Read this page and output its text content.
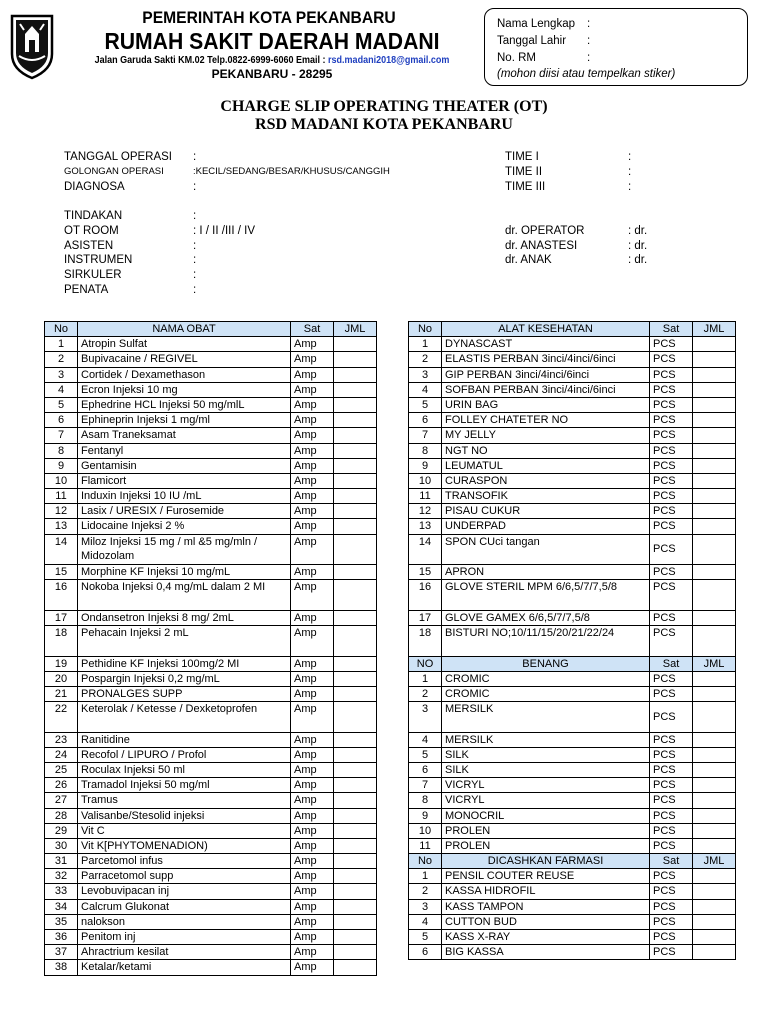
PEMERINTAH KOTA PEKANBARU
RUMAH SAKIT DAERAH MADANI
Jalan Garuda Sakti KM.02 Telp.0822-6999-6060 Email : rsd.madani2018@gmail.com
PEKANBARU - 28295
Nama Lengkap :
Tanggal Lahir :
No. RM	:
(mohon diisi atau tempelkan stiker)
CHARGE SLIP OPERATING THEATER (OT)
RSD MADANI KOTA PEKANBARU
TANGGAL OPERASI :
GOLONGAN OPERASI	:KECIL/SEDANG/BESAR/KHUSUS/CANGGIH
DIAGNOSA	:
TINDAKAN	:
OT ROOM	: I / II /III / IV
ASISTEN	:
INSTRUMEN	:
SIRKULER	:
PENATA	:
TIME I	:
TIME II	:
TIME III	:
dr. OPERATOR	: dr.
dr. ANASTESI	: dr.
dr. ANAK	: dr.
No	NAMA OBAT	Sat	JML
1	Atropin Sulfat	Amp	
2	Bupivacaine / REGIVEL	Amp	
3	Cortidek / Dexamethason	Amp	
4	Ecron Injeksi 10 mg	Amp	
5	Ephedrine HCL Injeksi 50 mg/mlL	Amp	
6	Ephineprin Injeksi 1 mg/ml	Amp	
7	Asam Traneksamat	Amp	
8	Fentanyl	Amp	
9	Gentamisin	Amp	
10	Flamicort	Amp	
11	Induxin Injeksi 10 IU /mL	Amp	
12	Lasix / URESIX / Furosemide	Amp	
13	Lidocaine Injeksi 2 %	Amp	
14	Miloz Injeksi 15 mg / ml &5 mg/mln / Midozolam	Amp	
15	Morphine KF Injeksi 10 mg/mL	Amp	
16	Nokoba Injeksi 0,4 mg/mL dalam 2 MI	Amp	
17	Ondansetron Injeksi 8 mg/ 2mL	Amp	
18	Pehacain Injeksi 2 mL	Amp	
19	Pethidine KF Injeksi 100mg/2 MI	Amp	
20	Pospargin Injeksi 0,2 mg/mL	Amp	
21	PRONALGES SUPP	Amp	
22	Keterolak / Ketesse / Dexketoprofen	Amp	
23	Ranitidine	Amp	
24	Recofol / LIPURO / Profol	Amp	
25	Roculax Injeksi 50 ml	Amp	
26	Tramadol Injeksi 50 mg/ml	Amp	
27	Tramus	Amp	
28	Valisanbe/Stesolid injeksi	Amp	
29	Vit C	Amp	
30	Vit K[PHYTOMENADION)	Amp	
31	Parcetomol infus	Amp	
32	Parracetomol supp	Amp	
33	Levobuvipacan inj	Amp	
34	Calcrum Glukonat	Amp	
35	nalokson	Amp	
36	Penitom inj	Amp	
37	Ahractrium kesilat	Amp	
38	Ketalar/ketami	Amp	
No	ALAT KESEHATAN	Sat	JML
1	DYNASCAST	PCS	
2	ELASTIS PERBAN 3inci/4inci/6inci	PCS	
3	GIP PERBAN 3inci/4inci/6inci	PCS	
4	SOFBAN PERBAN 3inci/4inci/6inci	PCS	
5	URIN BAG	PCS	
6	FOLLEY CHATETER NO	PCS	
7	MY JELLY	PCS	
8	NGT NO	PCS	
9	LEUMATUL	PCS	
10	CURASPON	PCS	
11	TRANSOFIK	PCS	
12	PISAU CUKUR	PCS	
13	UNDERPAD	PCS	
14	SPON CUci tangan	PCS	
15	APRON	PCS	
16	GLOVE STERIL MPM 6/6,5/7/7,5/8	PCS	
17	GLOVE GAMEX 6/6,5/7/7,5/8	PCS	
18	BISTURI NO;10/11/15/20/21/22/24	PCS	
NO	BENANG	Sat	JML
1	CROMIC	PCS	
2	CROMIC	PCS	
3	MERSILK	PCS	
4	MERSILK	PCS	
5	SILK	PCS	
6	SILK	PCS	
7	VICRYL	PCS	
8	VICRYL	PCS	
9	MONOCRIL	PCS	
10	PROLEN	PCS	
11	PROLEN	PCS	
No	DICASHKAN FARMASI	Sat	JML
1	PENSIL COUTER REUSE	PCS	
2	KASSA HIDROFIL	PCS	
3	KASS TAMPON	PCS	
4	CUTTON BUD	PCS	
5	KASS X-RAY	PCS	
6	BIG KASSA	PCS	
